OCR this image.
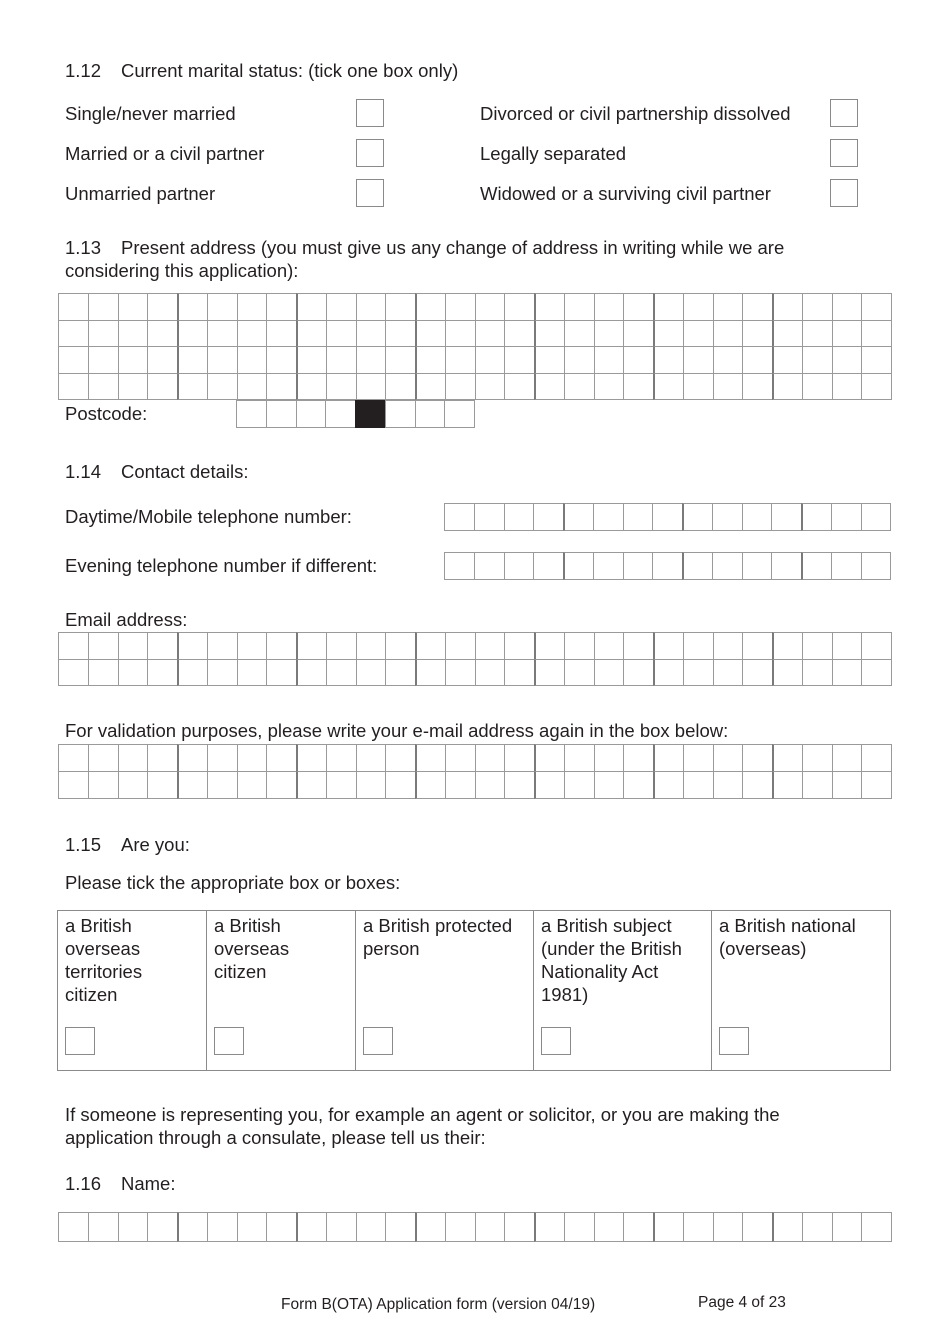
1.12 Current marital status: (tick one box only)
Single/never married
Married or a civil partner
Unmarried partner
Divorced or civil partnership dissolved
Legally separated
Widowed or a surviving civil partner
1.13 Present address (you must give us any change of address in writing while we are
considering this application):
Postcode:
1.14 Contact details:
Daytime/Mobile telephone number:
Evening telephone number if different:
Email address:
For validation purposes, please write your e-mail address again in the box below:
1.15 Are you:
Please tick the appropriate box or boxes:
a British
overseas
territories
citizen
a British
overseas
citizen
a British protected
person
a British subject
(under the British
Nationality Act
1981)
a British national
(overseas)
If someone is representing you, for example an agent or solicitor, or you are making the
application through a consulate, please tell us their:
1.16 Name:
Form B(OTA) Application form (version 04/19)	Page 4 of 23
